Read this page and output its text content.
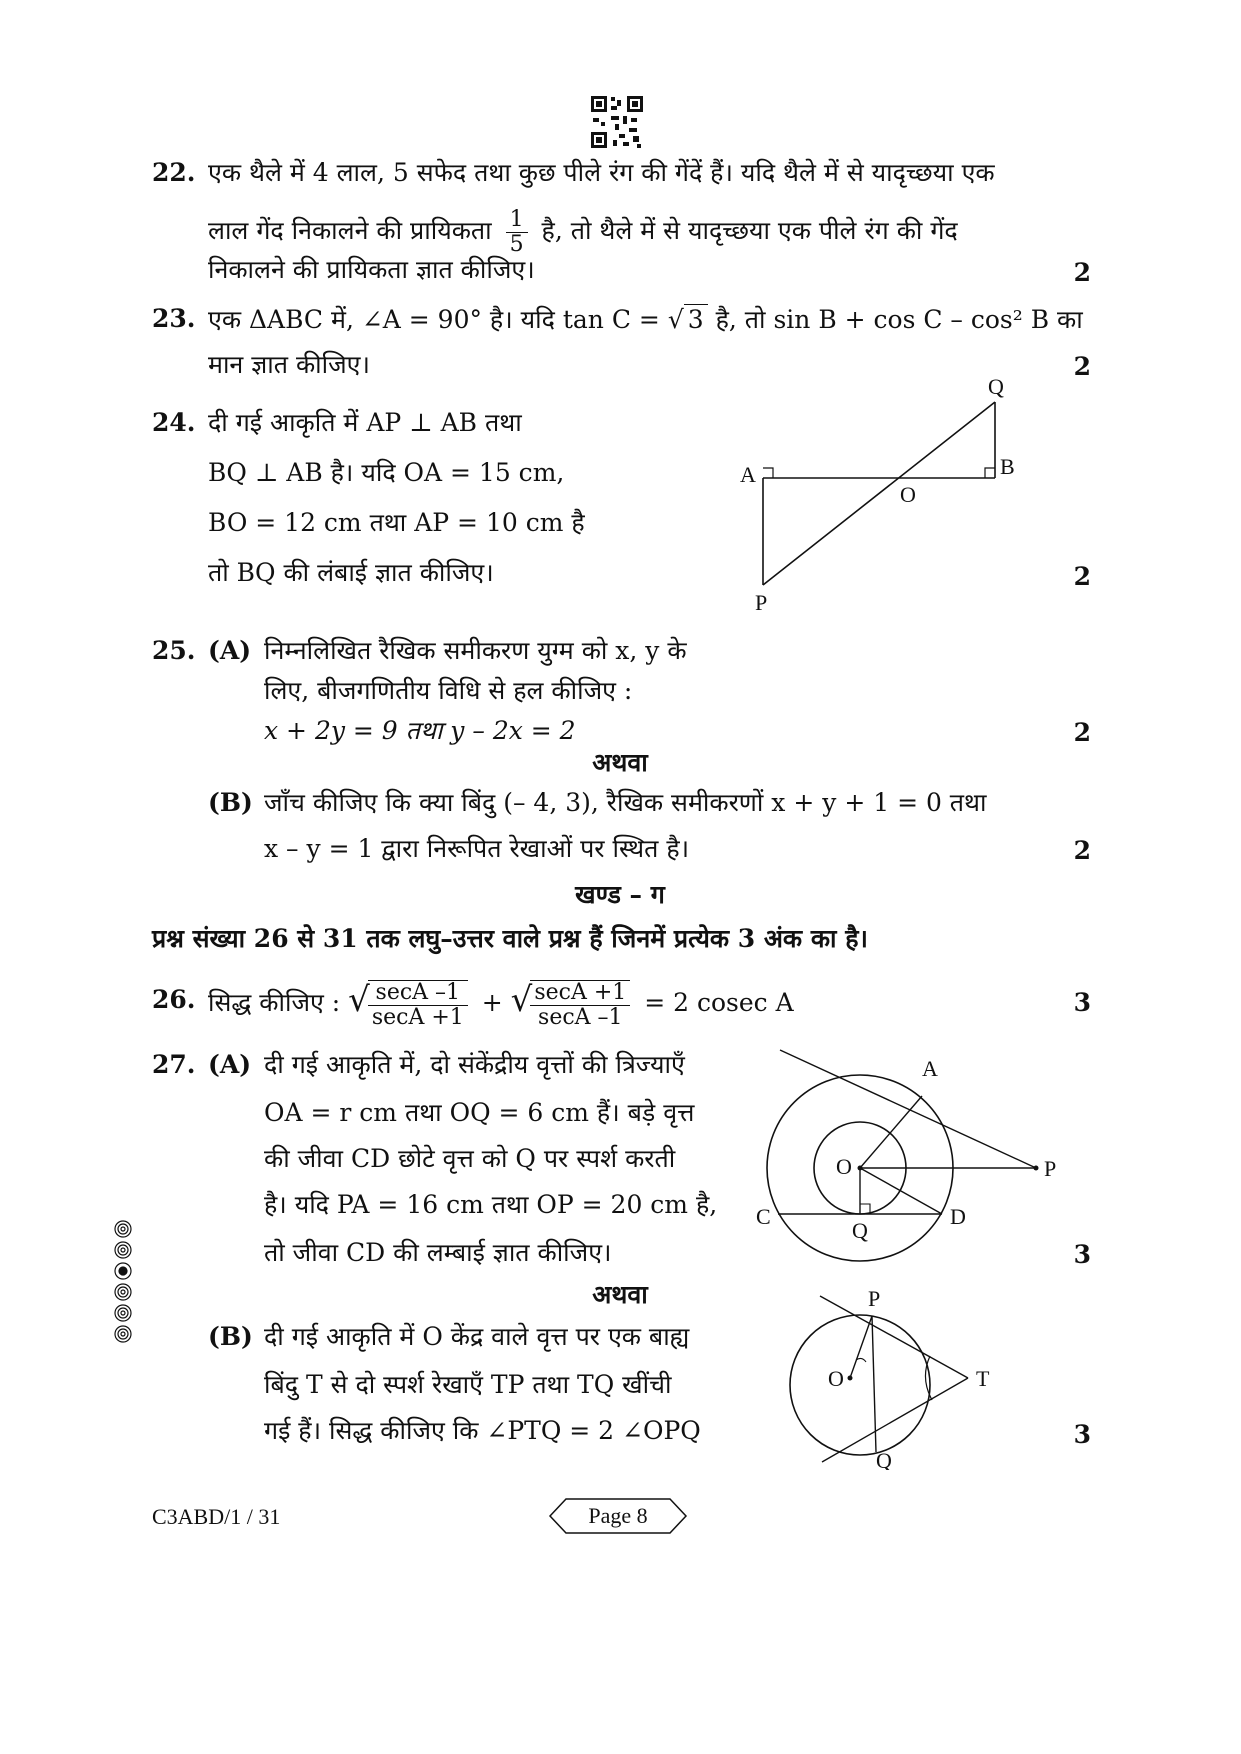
22. एक थैले में 4 लाल, 5 सफेद तथा कुछ पीले रंग की गेंदें हैं। यदि थैले में से यादृच्छया एक
लाल गेंद निकालने की प्रायिकता $\frac{1}{5}$ है, तो थैले में से यादृच्छया एक पीले रंग की गेंद
निकालने की प्रायिकता ज्ञात कीजिए।	2
23. एक ΔABC में, ∠A = 90° है। यदि tan C = √ 3 है, तो sin B + cos C – cos² B का
मान ज्ञात कीजिए।	2
24. दी गई आकृति में AP ⊥ AB तथा
BQ ⊥ AB है। यदि OA = 15 cm,
BO = 12 cm तथा AP = 10 cm है
तो BQ की लंबाई ज्ञात कीजिए।	2
A	B
O
P
Q
25. (A) निम्नलिखित रैखिक समीकरण युग्म को x, y के
लिए, बीजगणितीय विधि से हल कीजिए :
x + 2y = 9 तथा y – 2x = 2	2
अथवा
(B) जाँच कीजिए कि क्या बिंदु (– 4, 3), रैखिक समीकरणों x + y + 1 = 0 तथा
x – y = 1 द्वारा निरूपित रेखाओं पर स्थित है।	2
खण्ड – ग
प्रश्न संख्या 26 से 31 तक लघु–उत्तर वाले प्रश्न हैं जिनमें प्रत्येक 3 अंक का है।
26. सिद्ध कीजिए : √
$\frac{\sec A -1}{\sec A +1}$ + √
$\frac{\sec A +1}{\sec A -1} = 2$ cosec A	3
27. (A) दी गई आकृति में, दो संकेंद्रीय वृत्तों की त्रिज्याएँ
OA = r cm तथा OQ = 6 cm हैं। बड़े वृत्त
की जीवा CD छोटे वृत्त को Q पर स्पर्श करती
है। यदि PA = 16 cm तथा OP = 20 cm है,
तो जीवा CD की लम्बाई ज्ञात कीजिए।	3
A
O	P
C
Q
D
अथवा
(B) दी गई आकृति में O केंद्र वाले वृत्त पर एक बाह्य
बिंदु T से दो स्पर्श रेखाएँ TP तथा TQ खींची
गई हैं। सिद्ध कीजिए कि ∠PTQ = 2 ∠OPQ	3
P
O	T
Q
C3ABD/1 / 31	Page 8
